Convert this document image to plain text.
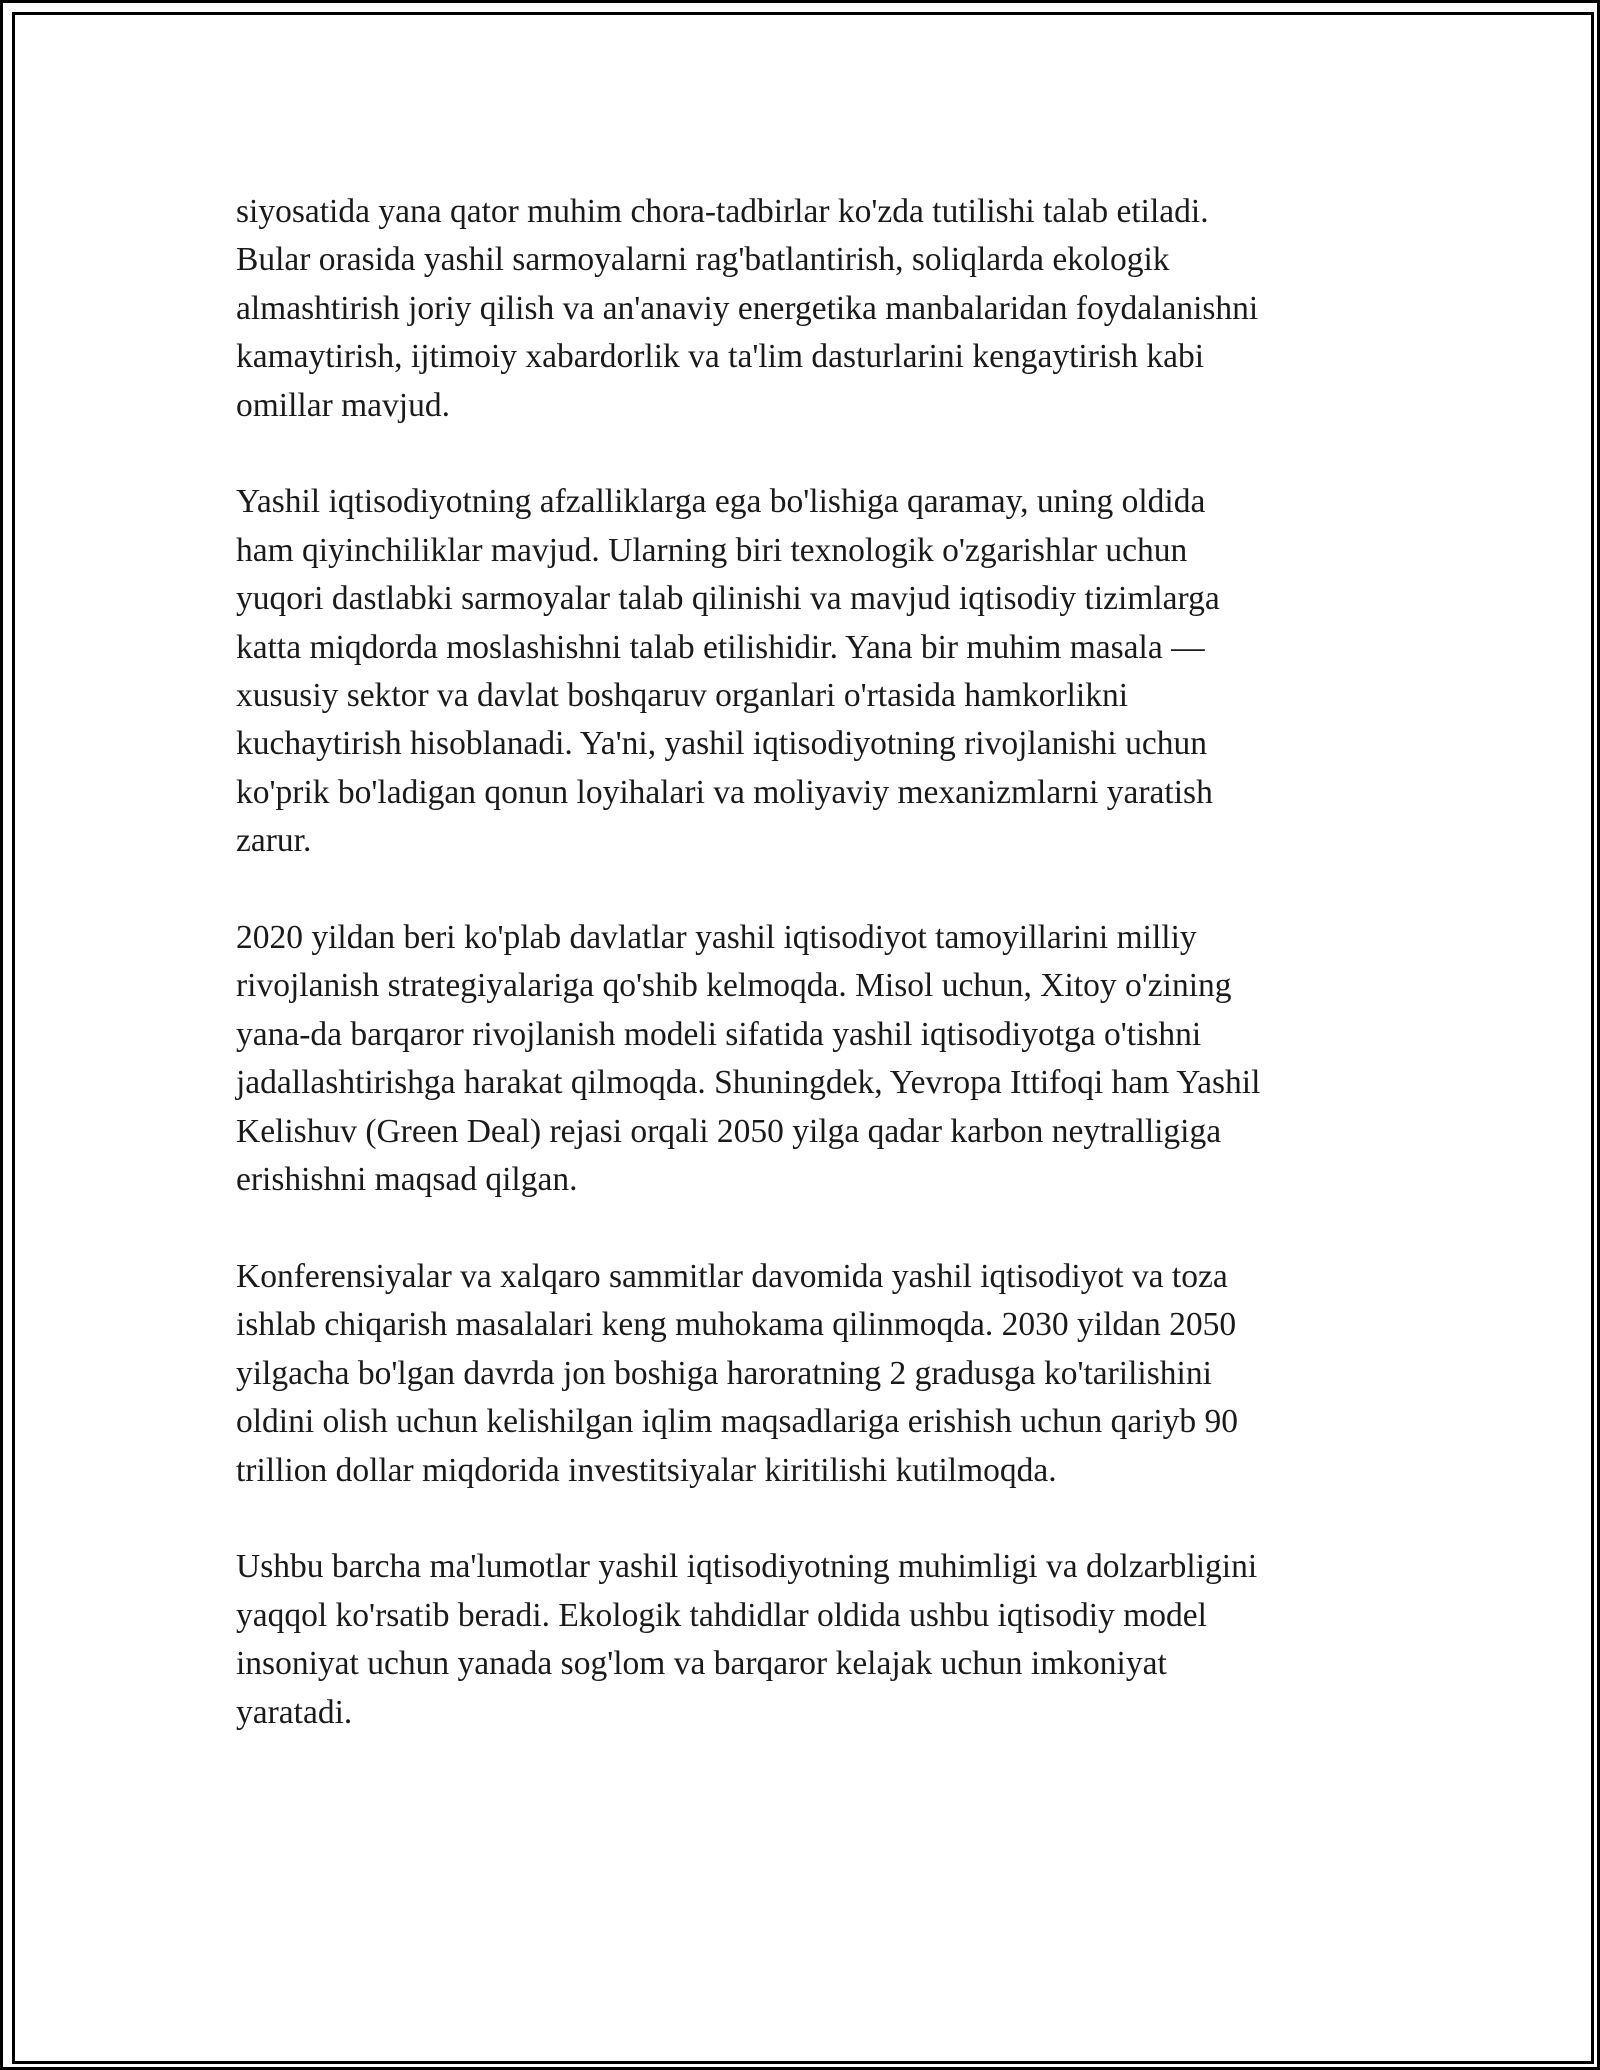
siyosatida yana qator muhim chora-tadbirlar ko'zda tutilishi talab etiladi.
Bular orasida yashil sarmoyalarni rag'batlantirish, soliqlarda ekologik
almashtirish joriy qilish va an'anaviy energetika manbalaridan foydalanishni
kamaytirish, ijtimoiy xabardorlik va ta'lim dasturlarini kengaytirish kabi
omillar mavjud.

Yashil iqtisodiyotning afzalliklarga ega bo'lishiga qaramay, uning oldida
ham qiyinchiliklar mavjud. Ularning biri texnologik o'zgarishlar uchun
yuqori dastlabki sarmoyalar talab qilinishi va mavjud iqtisodiy tizimlarga
katta miqdorda moslashishni talab etilishidir. Yana bir muhim masala —
xususiy sektor va davlat boshqaruv organlari o'rtasida hamkorlikni
kuchaytirish hisoblanadi. Ya'ni, yashil iqtisodiyotning rivojlanishi uchun
ko'prik bo'ladigan qonun loyihalari va moliyaviy mexanizmlarni yaratish
zarur.

2020 yildan beri ko'plab davlatlar yashil iqtisodiyot tamoyillarini milliy
rivojlanish strategiyalariga qo'shib kelmoqda. Misol uchun, Xitoy o'zining
yana-da barqaror rivojlanish modeli sifatida yashil iqtisodiyotga o'tishni
jadallashtirishga harakat qilmoqda. Shuningdek, Yevropa Ittifoqi ham Yashil
Kelishuv (Green Deal) rejasi orqali 2050 yilga qadar karbon neytralligiga
erishishni maqsad qilgan.

Konferensiyalar va xalqaro sammitlar davomida yashil iqtisodiyot va toza
ishlab chiqarish masalalari keng muhokama qilinmoqda. 2030 yildan 2050
yilgacha bo'lgan davrda jon boshiga haroratning 2 gradusga ko'tarilishini
oldini olish uchun kelishilgan iqlim maqsadlariga erishish uchun qariyb 90
trillion dollar miqdorida investitsiyalar kiritilishi kutilmoqda.

Ushbu barcha ma'lumotlar yashil iqtisodiyotning muhimligi va dolzarbligini
yaqqol ko'rsatib beradi. Ekologik tahdidlar oldida ushbu iqtisodiy model
insoniyat uchun yanada sog'lom va barqaror kelajak uchun imkoniyat
yaratadi.
